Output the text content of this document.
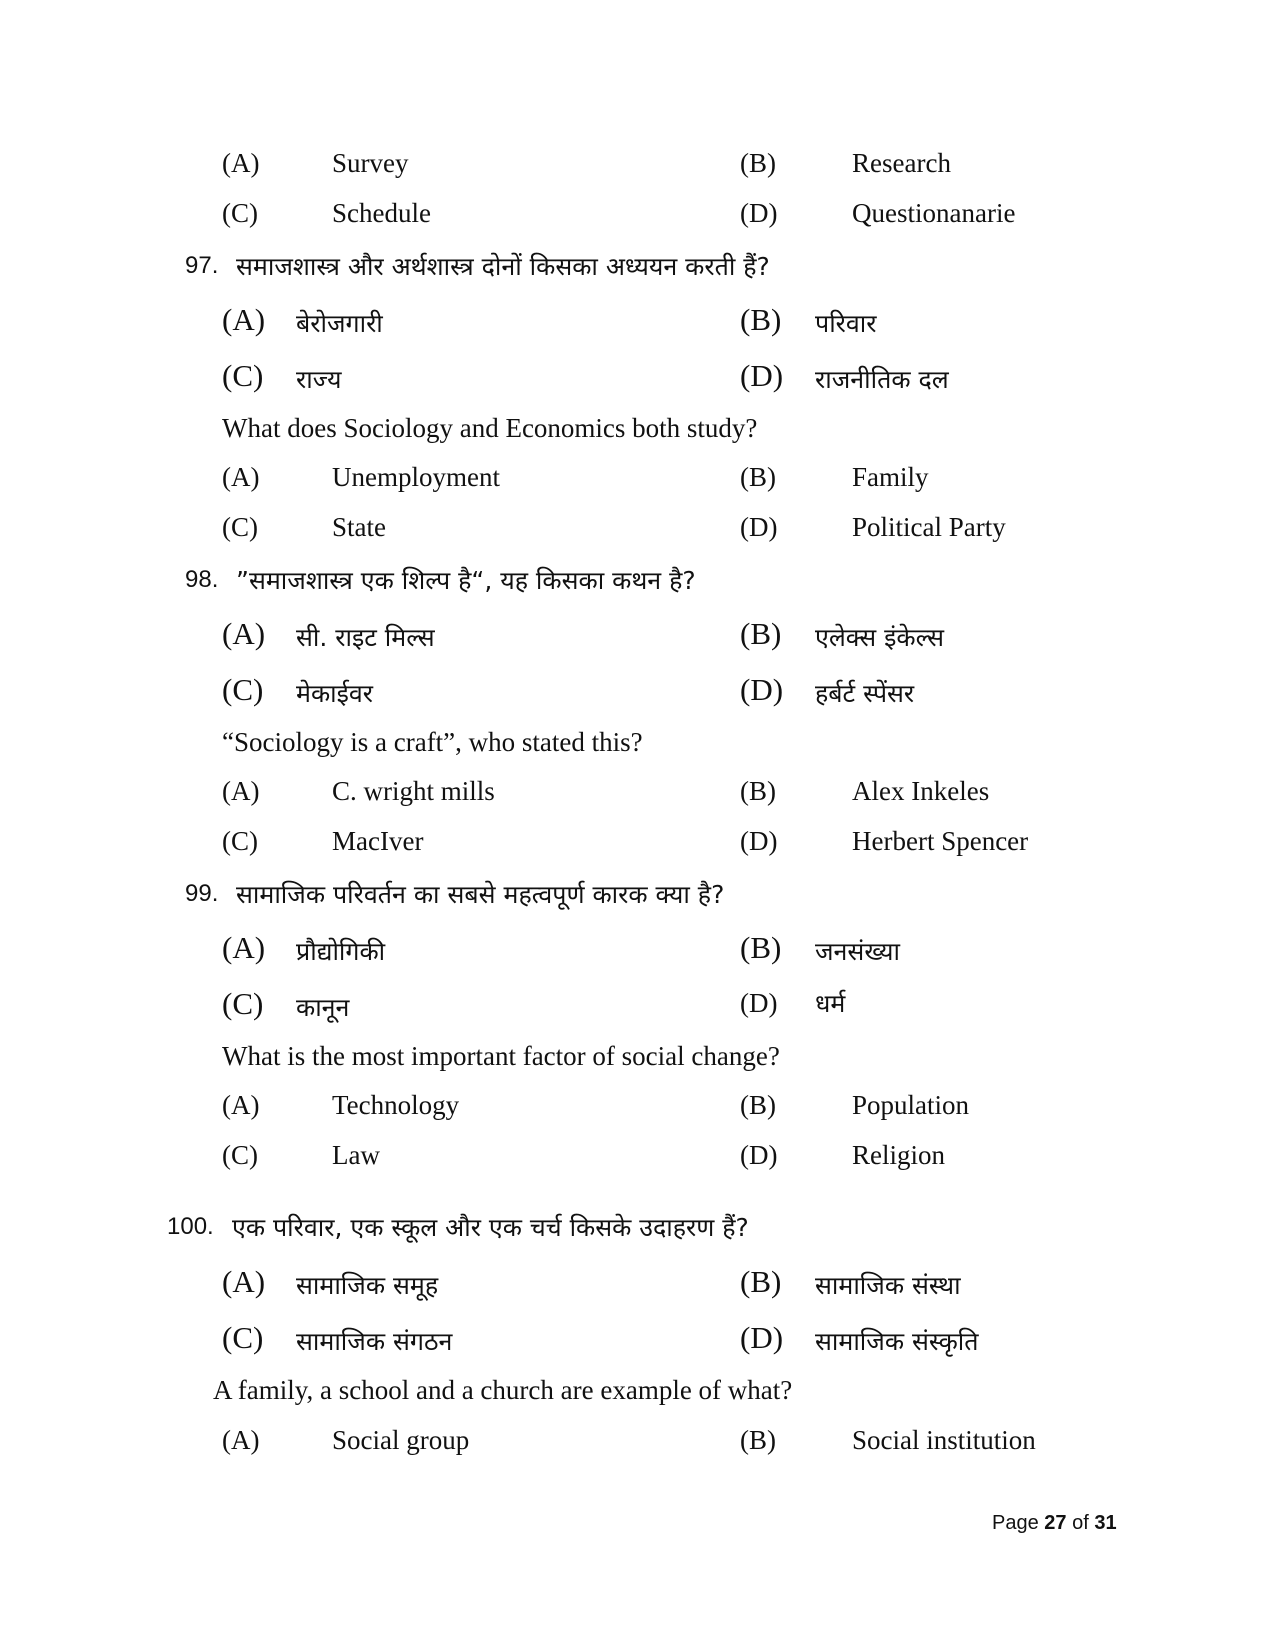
(A)	Survey	(B)	Research
(C)	Schedule	(D)	Questionanarie
97. समाजशास्त्र और अर्थशास्त्र दोनों किसका अध्ययन करती हैं?
(A) बेरोजगारी	(B) परिवार
(C) राज्य	(D) राजनीतिक दल
What does Sociology and Economics both study?
(A)	Unemployment	(B)	Family
(C)	State	(D)	Political Party
98. ”समाजशास्त्र एक शिल्प है“, यह किसका कथन है?
(A) सी. राइट मिल्स	(B) एलेक्स इंकेल्स
(C) मेकाईवर	(D) हर्बर्ट स्पेंसर
“Sociology is a craft”, who stated this?
(A)	C. wright mills	(B)	Alex Inkeles
(C)	MacIver	(D)	Herbert Spencer
99. सामाजिक परिवर्तन का सबसे महत्वपूर्ण कारक क्या है?
(A) प्रौद्योगिकी	(B) जनसंख्या
(C) कानून	(D) धर्म
What is the most important factor of social change?
(A)	Technology	(B)	Population
(C)	Law	(D)	Religion
100. एक परिवार, एक स्कूल और एक चर्च किसके उदाहरण हैं?
(A) सामाजिक समूह	(B) सामाजिक संस्था
(C) सामाजिक संगठन	(D) सामाजिक संस्कृति
A family, a school and a church are example of what?
(A)	Social group	(B)	Social institution
Page 27 of 31
